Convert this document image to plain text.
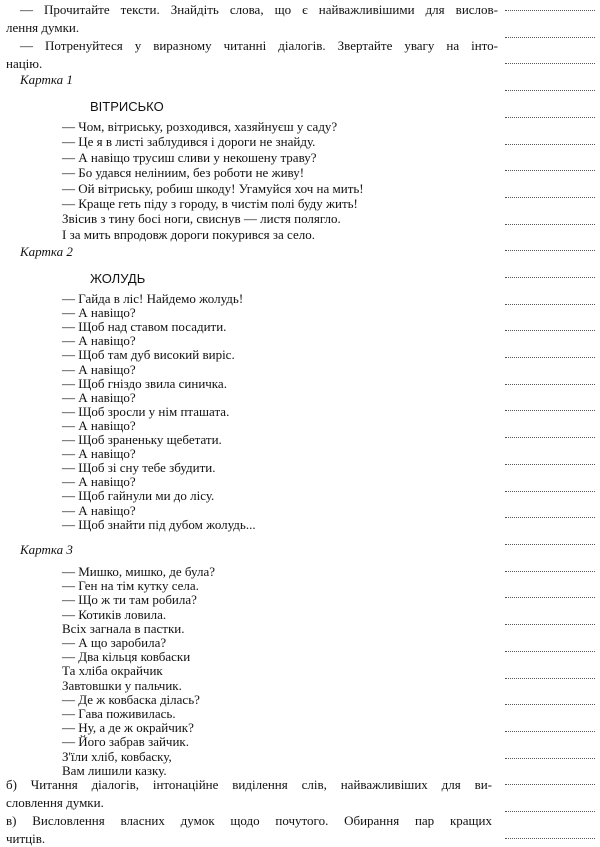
— Прочитайте тексти. Знайдіть слова, що є найважливішими для вислов-
лення думки.
— Потренуйтеся у виразному читанні діалогів. Звертайте увагу на інто-
націю.
Картка 1
ВІТРИСЬКО
— Чом, вітриську, розходився, хазяйнуєш у саду?
— Це я в листі заблудився і дороги не знайду.
— А навіщо трусиш сливи у некошену траву?
— Бо удався неліниим, без роботи не живу!
— Ой вітриську, робиш шкоду! Угамуйся хоч на мить!
— Краще геть піду з городу, в чистім полі буду жить!
Звісив з тину босі ноги, свиснув — листя полягло.
І за мить впродовж дороги покурився за село.
Картка 2
ЖОЛУДЬ
— Гайда в ліс! Найдемо жолудь!
— А навіщо?
— Щоб над ставом посадити.
— А навіщо?
— Щоб там дуб високий виріс.
— А навіщо?
— Щоб гніздо звила синичка.
— А навіщо?
— Щоб зросли у нім пташата.
— А навіщо?
— Щоб зраненьку щебетати.
— А навіщо?
— Щоб зі сну тебе збудити.
— А навіщо?
— Щоб гайнули ми до лісу.
— А навіщо?
— Щоб знайти під дубом жолудь...
Картка 3
— Мишко, мишко, де була?
— Ген на тім кутку села.
— Що ж ти там робила?
— Котиків ловила.
Всіх загнала в пастки.
— А що заробила?
— Два кільця ковбаски
Та хліба окрайчик
Завтовшки у пальчик.
— Де ж ковбаска ділась?
— Гава поживилась.
— Ну, а де ж окрайчик?
— Його забрав зайчик.
З'їли хліб, ковбаску,
Вам лишили казку.
б) Читання діалогів, інтонаційне виділення слів, найважливіших для ви-
словлення думки.
в) Висловлення власних думок щодо почутого. Обирання пар кращих
читців.
